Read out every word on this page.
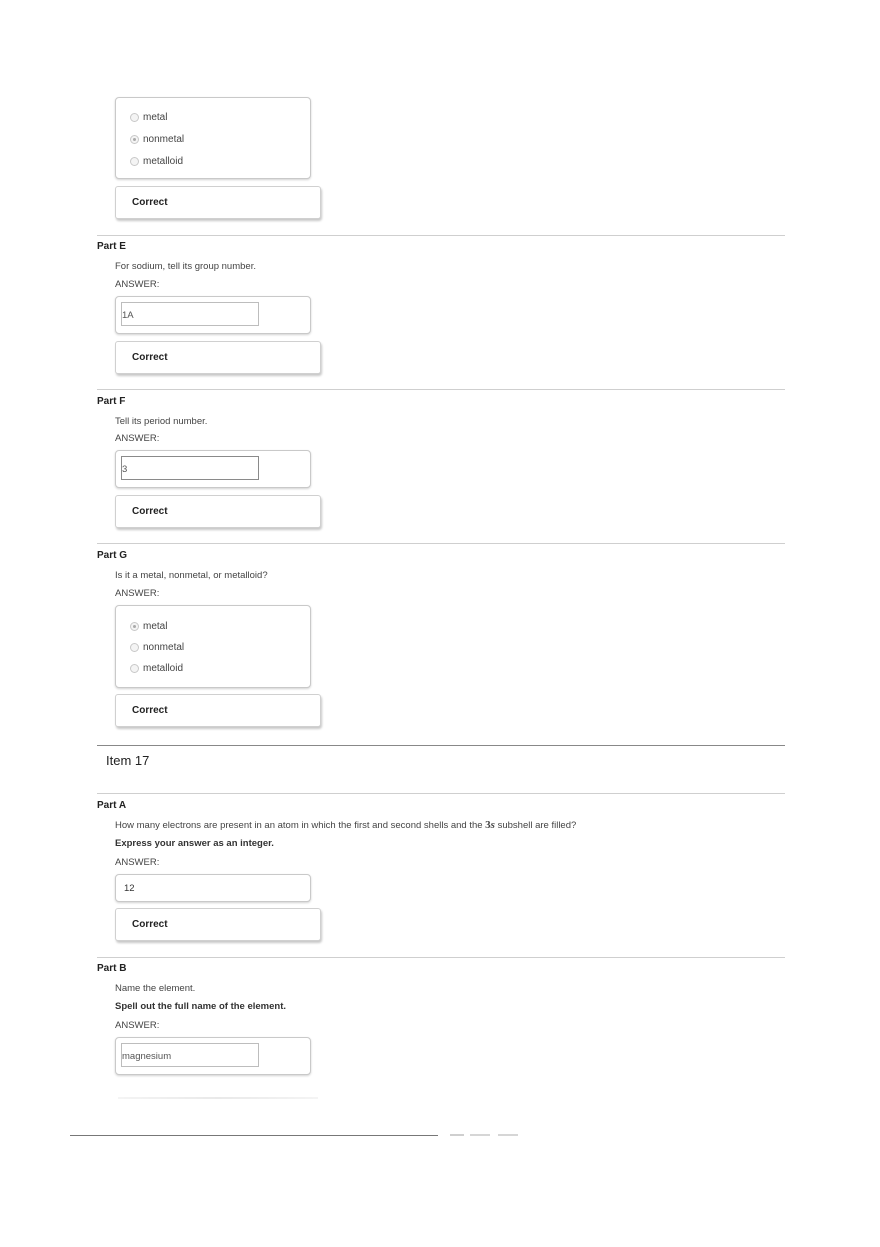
metal
nonmetal
metalloid
Correct
Part E
For sodium, tell its group number.
ANSWER:
1A
Correct
Part F
Tell its period number.
ANSWER:
3
Correct
Part G
Is it a metal, nonmetal, or metalloid?
ANSWER:
metal
nonmetal
metalloid
Correct
Item 17
Part A
How many electrons are present in an atom in which the first and second shells and the 3s subshell are filled?
Express your answer as an integer.
ANSWER:
12
Correct
Part B
Name the element.
Spell out the full name of the element.
ANSWER:
magnesium
